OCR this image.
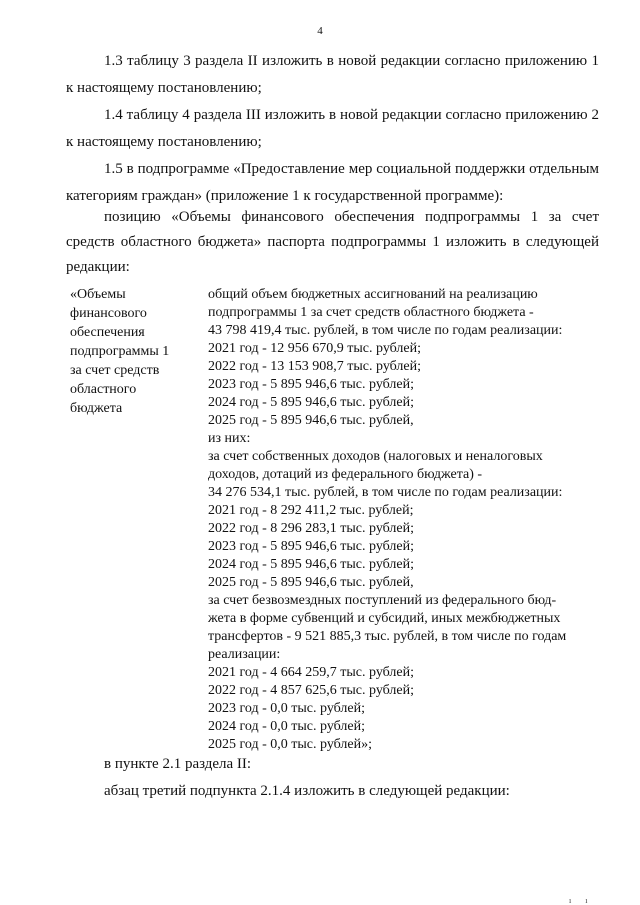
4

1.3 таблицу 3 раздела II изложить в новой редакции согласно приложению 1 к настоящему постановлению;

1.4 таблицу 4 раздела III изложить в новой редакции согласно приложению 2 к настоящему постановлению;

1.5 в подпрограмме «Предоставление мер социальной поддержки отдельным категориям граждан» (приложение 1 к государственной программе):

позицию «Объемы финансового обеспечения подпрограммы 1 за счет средств областного бюджета» паспорта подпрограммы 1 изложить в следующей редакции:

«Объемы
финансового
обеспечения
подпрограммы 1
за счет средств
областного
бюджета
общий объем бюджетных ассигнований на реализацию
подпрограммы 1 за счет средств областного бюджета -
43 798 419,4 тыс. рублей, в том числе по годам реализации:
2021 год - 12 956 670,9 тыс. рублей;
2022 год - 13 153 908,7 тыс. рублей;
2023 год - 5 895 946,6 тыс. рублей;
2024 год - 5 895 946,6 тыс. рублей;
2025 год - 5 895 946,6 тыс. рублей,
из них:
за счет собственных доходов (налоговых и неналоговых
доходов, дотаций из федерального бюджета) -
34 276 534,1 тыс. рублей, в том числе по годам реализации:
2021 год - 8 292 411,2 тыс. рублей;
2022 год - 8 296 283,1 тыс. рублей;
2023 год - 5 895 946,6 тыс. рублей;
2024 год - 5 895 946,6 тыс. рублей;
2025 год - 5 895 946,6 тыс. рублей,
за счет безвозмездных поступлений из федерального бюд-
жета в форме субвенций и субсидий, иных межбюджетных
трансфертов - 9 521 885,3 тыс. рублей, в том числе по годам
реализации:
2021 год - 4 664 259,7 тыс. рублей;
2022 год - 4 857 625,6 тыс. рублей;
2023 год - 0,0 тыс. рублей;
2024 год - 0,0 тыс. рублей;
2025 год - 0,0 тыс. рублей»;
в пункте 2.1 раздела II:
абзац третий подпункта 2.1.4 изложить в следующей редакции:
ı ı
